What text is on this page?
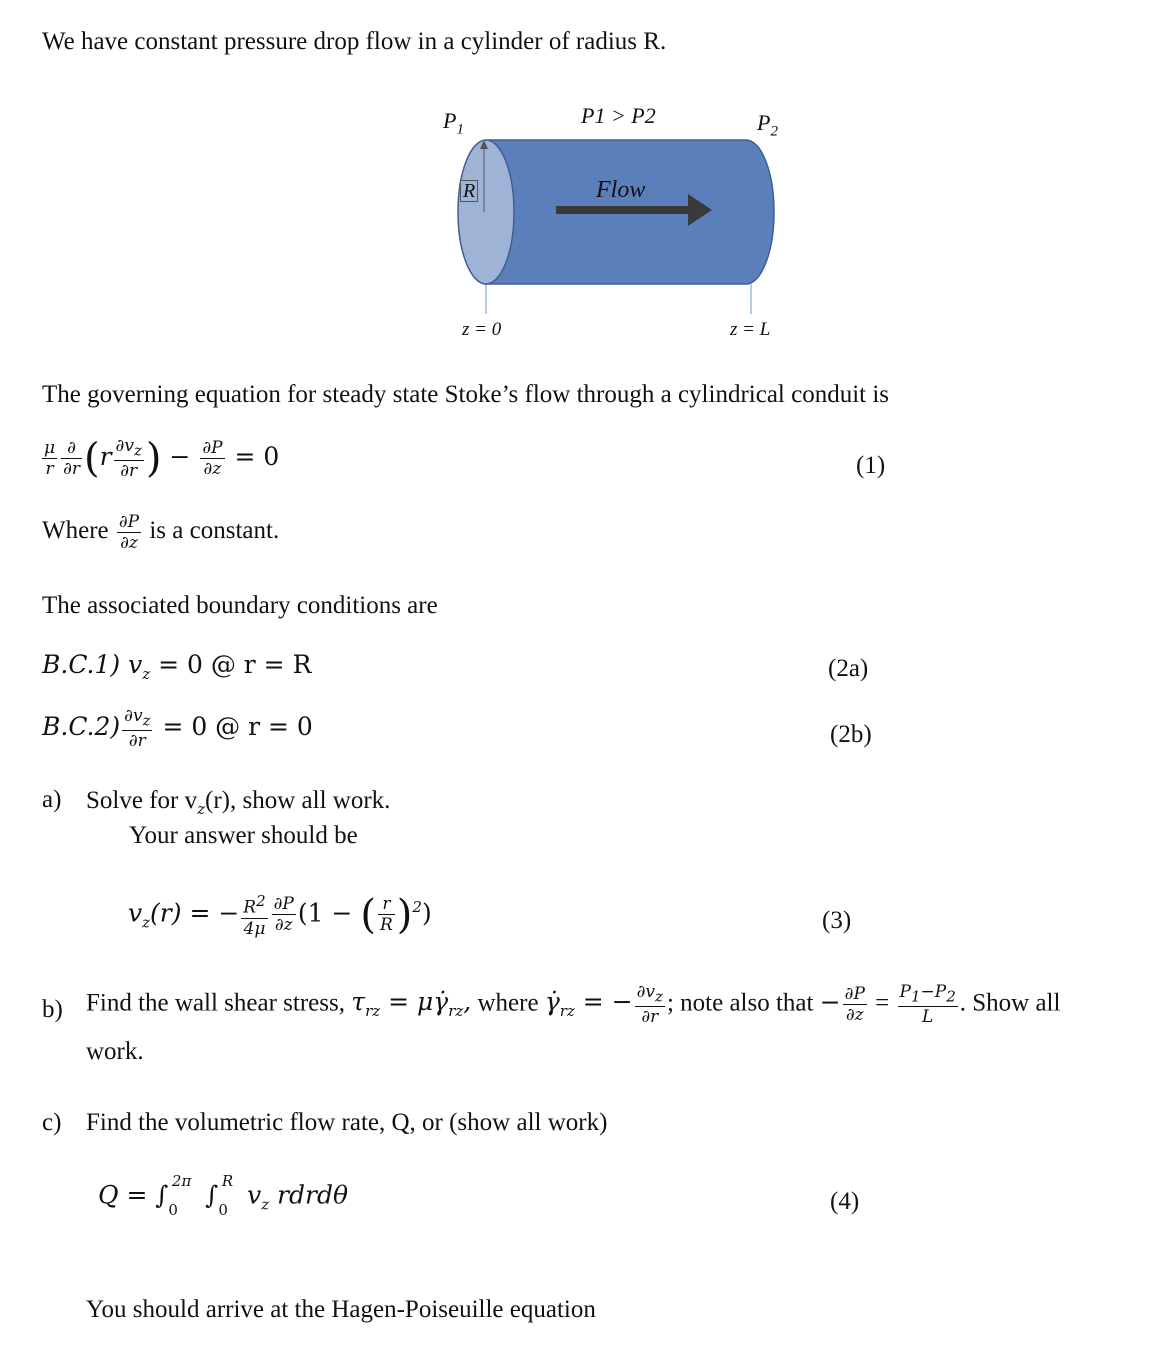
We have constant pressure drop flow in a cylinder of radius R.
$P_1$
P1 > P2	$P_2$
R	Flow
z = 0	z = L
The governing equation for steady state Stoke’s flow through a cylindrical conduit is
$\frac{\mu}{r} \frac{\partial}{\partial r} (r \frac{\partial v_z}{\partial r}$ ) − $\frac{\partial P}{\partial z} = 0$	(1)
Where $\frac{\partial P}{\partial z}$ is a constant.
The associated boundary conditions are
B.C.1) $v_z = 0$ @ r = R	(2a)
$B.C.2) \frac{\partial v_z}{\partial r} = 0$ @ r = 0	(2b)
a) Solve for $v_z(r)$, show all work.
Your answer should be
$v_z(r)$ = − $\frac{R^2}{4\mu} \frac{\partial P}{\partial z} (1$ − ( $\frac{r}{R} )^2$)	(3)
b) Find the wall shear stress, $\tau_{rz}$ = $\mu\gammȧ_{rz}$, where $\gammȧ_{rz}$ = − $\frac{\partial v_z}{\partial r}$ ; note also that − $\frac{\partial P}{\partial z} = \frac{P_1-P_2}{L}$ . Show all
work.
c) Find the volumetric flow rate, Q, or (show all work)
$Q = \int_0^{2\pi}$ $\int_0^R$ $v_z$ rdrdθ	(4)
You should arrive at the Hagen-Poiseuille equation
